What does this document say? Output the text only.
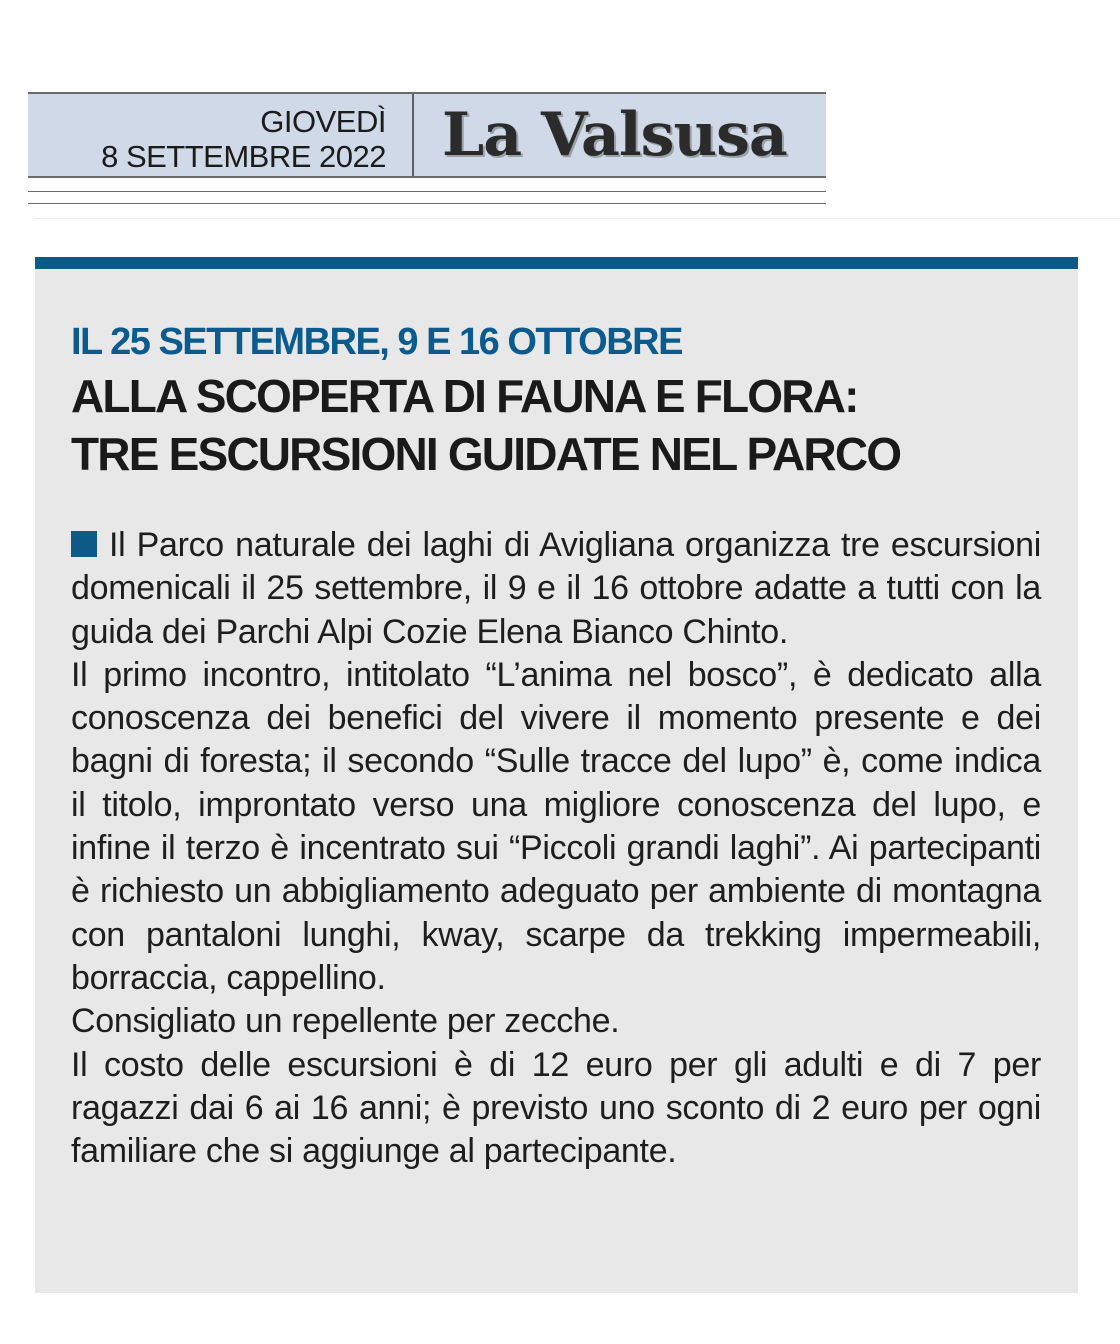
GIOVEDÌ
8 SETTEMBRE 2022 La Valsusa
IL 25 SETTEMBRE, 9 E 16 OTTOBRE
ALLA SCOPERTA DI FAUNA E FLORA:
TRE ESCURSIONI GUIDATE NEL PARCO

Il Parco naturale dei laghi di Avigliana organizza tre escursioni domenicali il 25 settembre, il 9 e il 16 ottobre adatte a tutti con la guida dei Parchi Alpi Cozie Elena Bianco Chinto.

Il primo incontro, intitolato “L’anima nel bosco”, è dedicato alla conoscenza dei benefici del vivere il momento presente e dei bagni di foresta; il secondo “Sulle tracce del lupo” è, come indica il titolo, improntato verso una migliore conoscenza del lupo, e infine il terzo è incentrato sui “Piccoli grandi laghi”. Ai partecipanti è richiesto un abbigliamento adeguato per ambiente di montagna con pantaloni lunghi, kway, scarpe da trekking impermeabili, borraccia, cappellino.

Consigliato un repellente per zecche.

Il costo delle escursioni è di 12 euro per gli adulti e di 7 per ragazzi dai 6 ai 16 anni; è previsto uno sconto di 2 euro per ogni familiare che si aggiunge al partecipante.
